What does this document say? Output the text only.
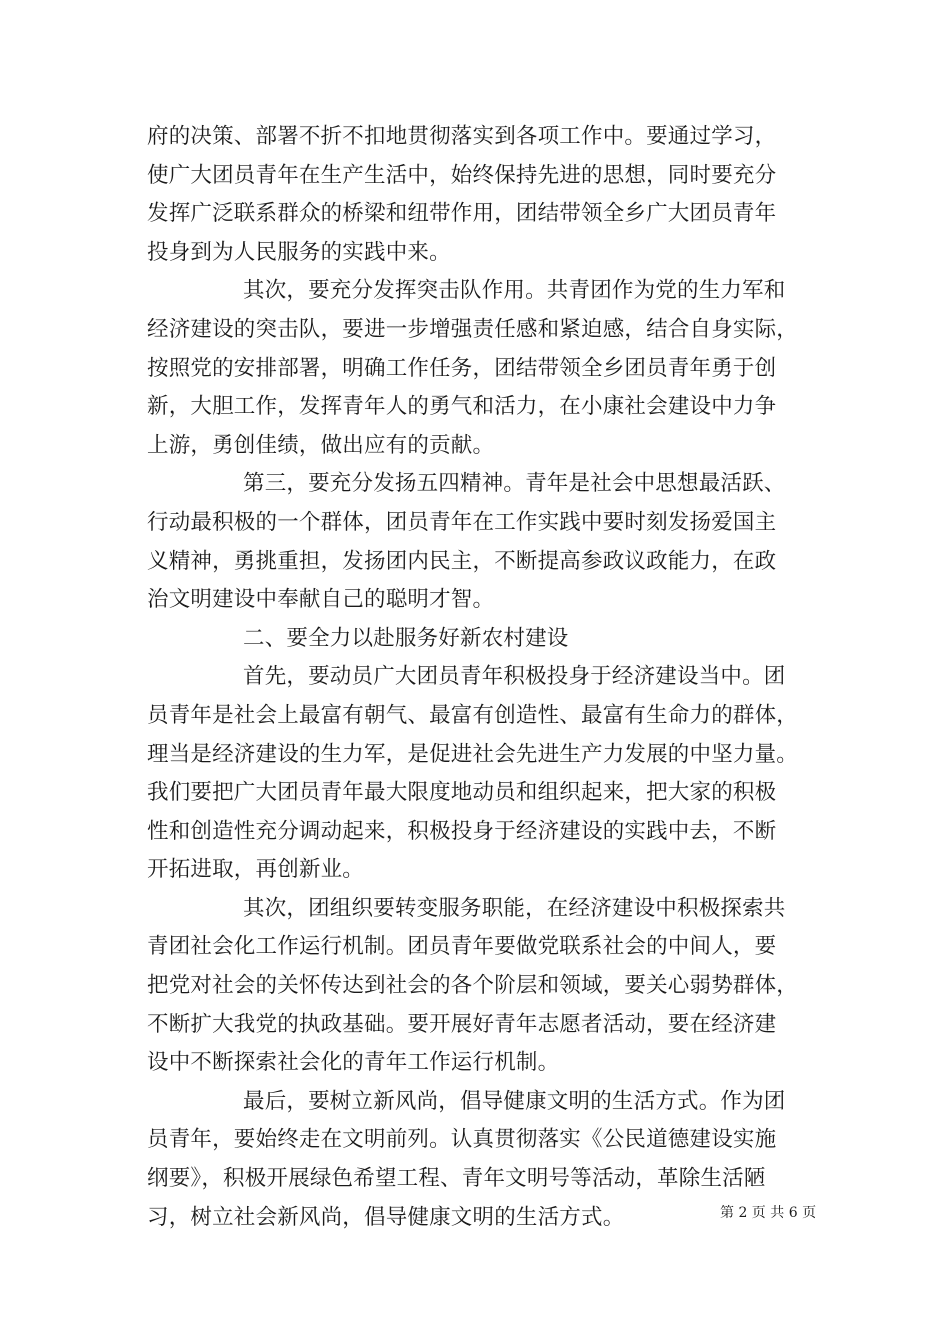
府的决策、部署不折不扣地贯彻落实到各项工作中。要通过学习，
使广大团员青年在生产生活中，始终保持先进的思想，同时要充分
发挥广泛联系群众的桥梁和纽带作用，团结带领全乡广大团员青年
投身到为人民服务的实践中来。
其次，要充分发挥突击队作用。共青团作为党的生力军和
经济建设的突击队，要进一步增强责任感和紧迫感，结合自身实际，
按照党的安排部署，明确工作任务，团结带领全乡团员青年勇于创
新，大胆工作，发挥青年人的勇气和活力，在小康社会建设中力争
上游，勇创佳绩，做出应有的贡献。
第三，要充分发扬五四精神。青年是社会中思想最活跃、
行动最积极的一个群体，团员青年在工作实践中要时刻发扬爱国主
义精神，勇挑重担，发扬团内民主，不断提高参政议政能力，在政
治文明建设中奉献自己的聪明才智。
二、要全力以赴服务好新农村建设
首先，要动员广大团员青年积极投身于经济建设当中。团
员青年是社会上最富有朝气、最富有创造性、最富有生命力的群体，
理当是经济建设的生力军，是促进社会先进生产力发展的中坚力量。
我们要把广大团员青年最大限度地动员和组织起来，把大家的积极
性和创造性充分调动起来，积极投身于经济建设的实践中去，不断
开拓进取，再创新业。
其次，团组织要转变服务职能，在经济建设中积极探索共
青团社会化工作运行机制。团员青年要做党联系社会的中间人，要
把党对社会的关怀传达到社会的各个阶层和领域，要关心弱势群体，
不断扩大我党的执政基础。要开展好青年志愿者活动，要在经济建
设中不断探索社会化的青年工作运行机制。
最后，要树立新风尚，倡导健康文明的生活方式。作为团
员青年，要始终走在文明前列。认真贯彻落实《公民道德建设实施
纲要》，积极开展绿色希望工程、青年文明号等活动，革除生活陋
习，树立社会新风尚，倡导健康文明的生活方式。	第 2 页 共 6 页
